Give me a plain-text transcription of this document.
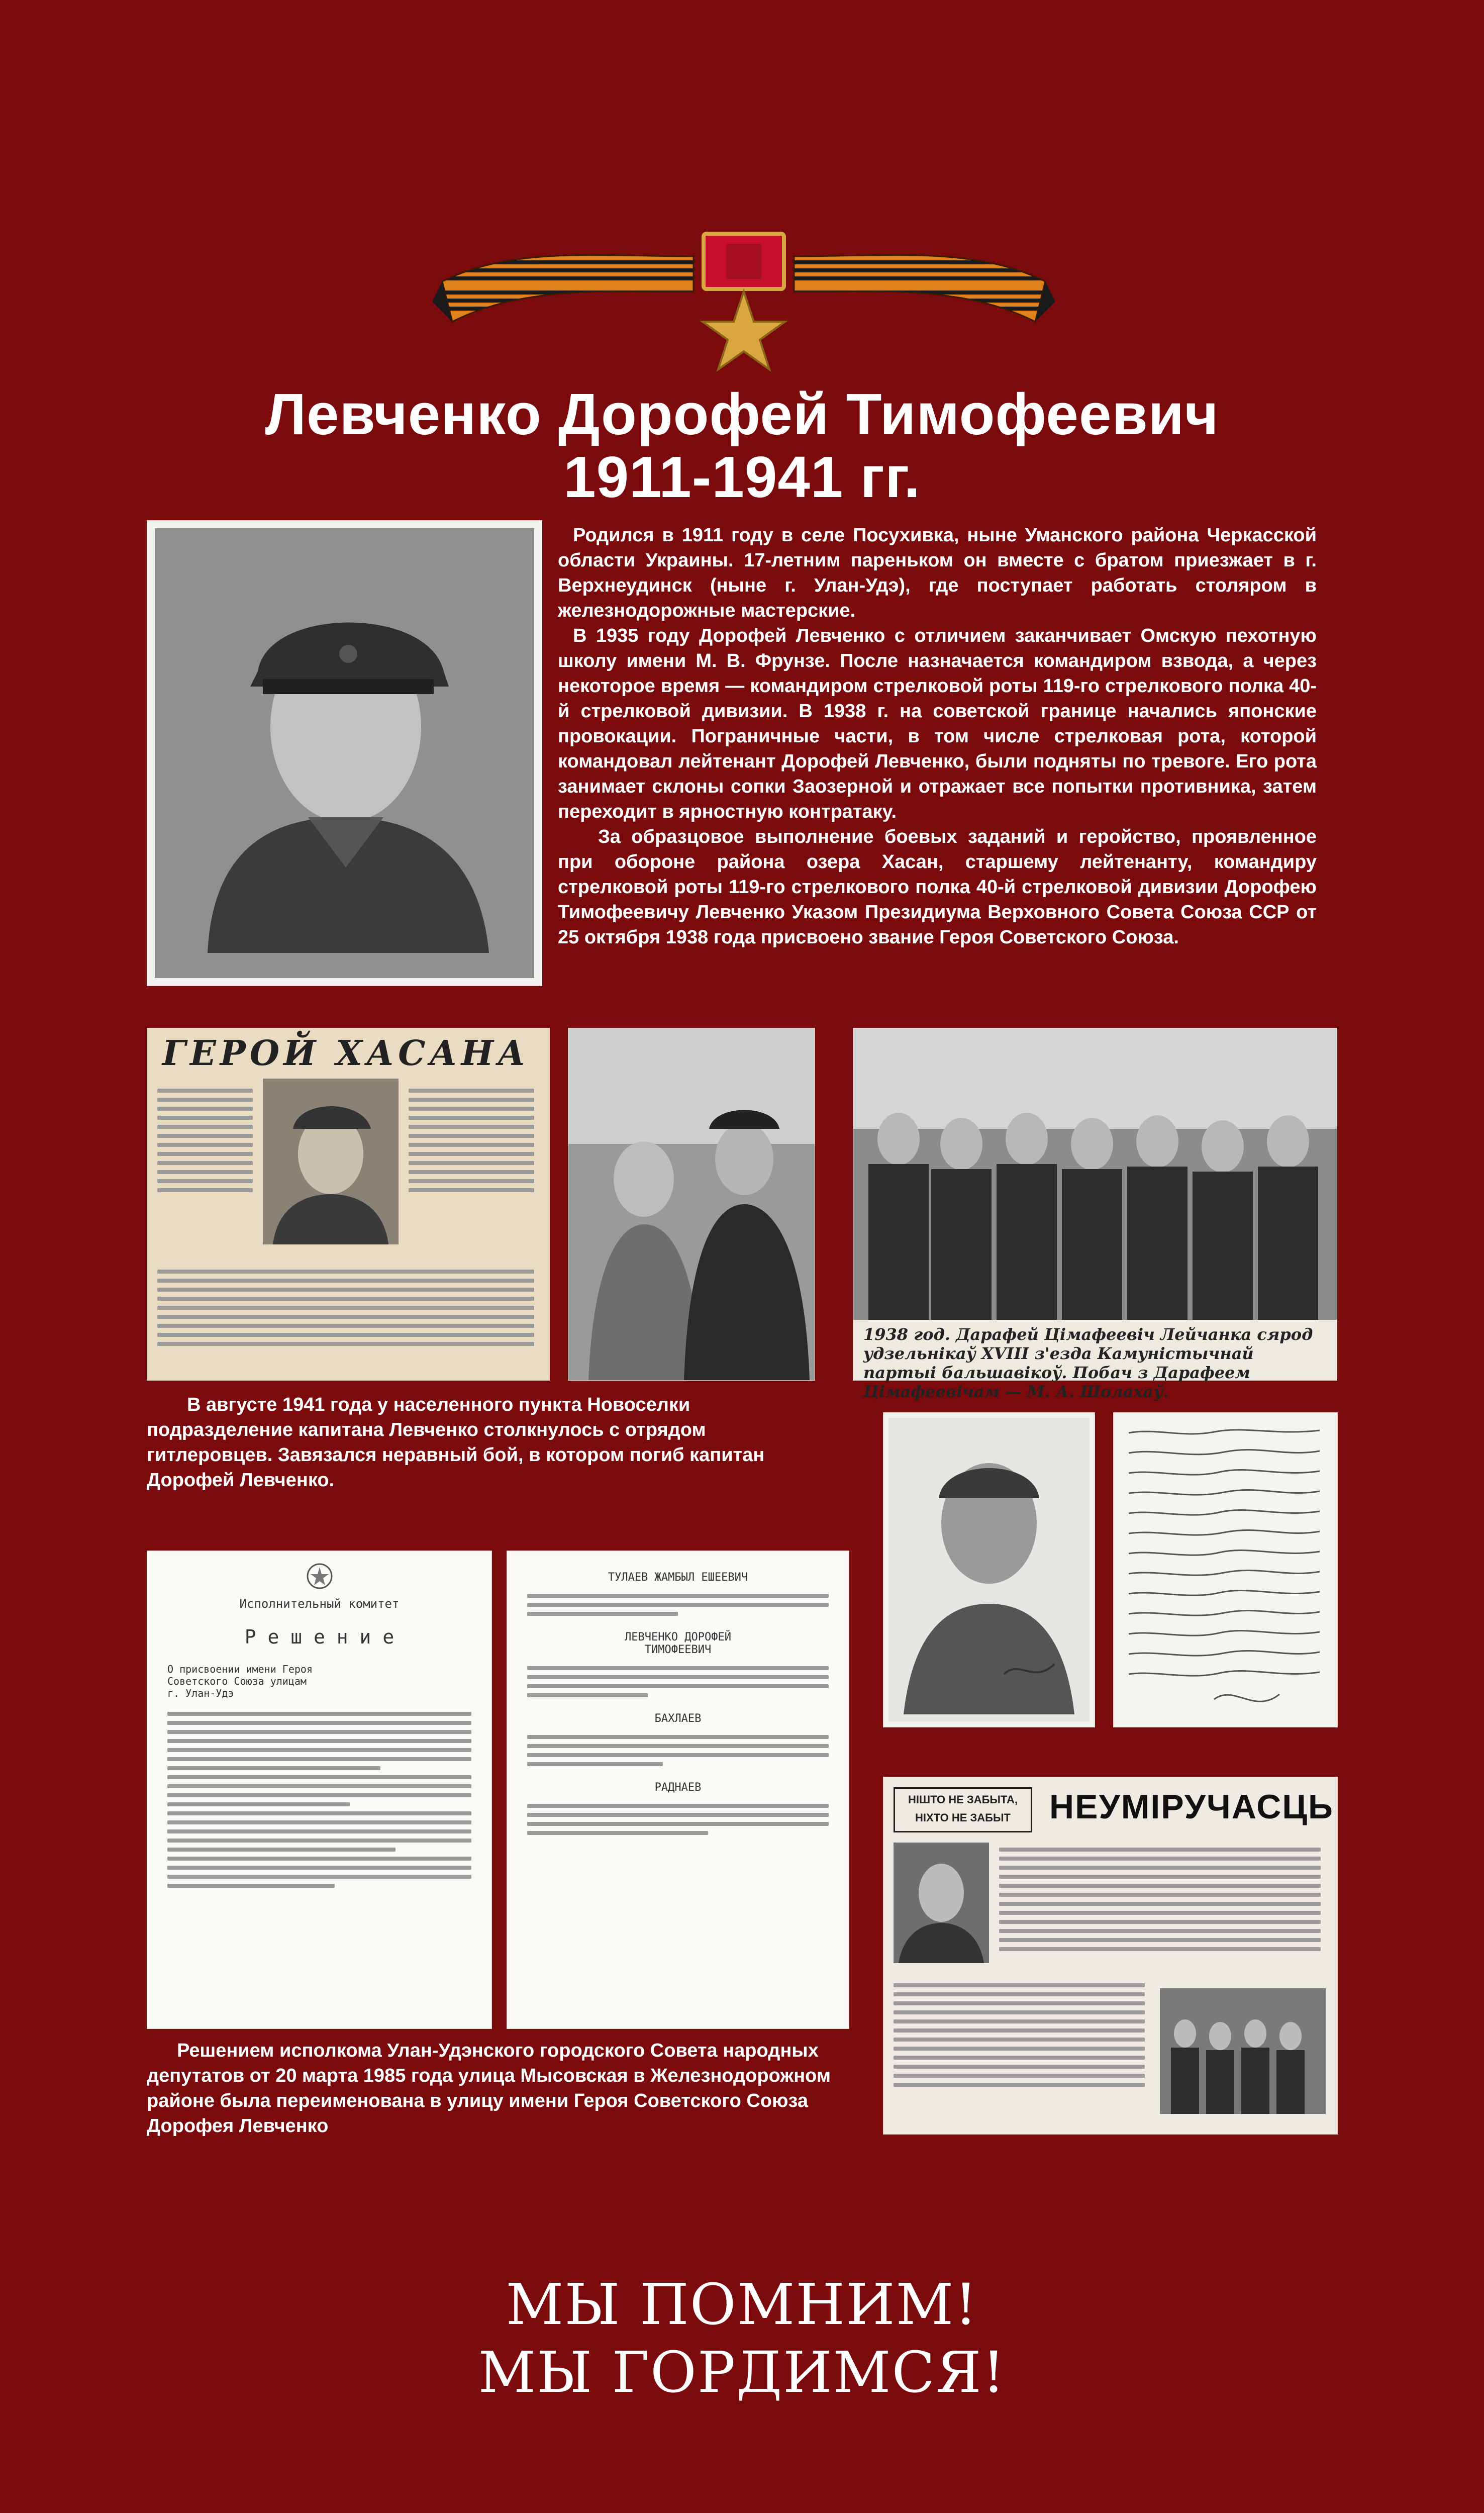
Левченко Дорофей Тимофеевич
1911-1941 гг.
Родился в 1911 году в селе Посухивка, ныне Уманского района Черкасской области Украины. 17-летним пареньком он вместе с братом приезжает в г. Верхнеудинск (ныне г. Улан-Удэ), где поступает работать столяром в железнодорожные мастерские.
В 1935 году Дорофей Левченко с отличием заканчивает Омскую пехотную школу имени М. В. Фрунзе. После назначается командиром взвода, а через некоторое время — командиром стрелковой роты 119-го стрелкового полка 40-й стрелковой дивизии. В 1938 г. на советской границе начались японские провокации. Пограничные части, в том числе стрелковая рота, которой командовал лейтенант Дорофей Левченко, были подняты по тревоге. Его рота занимает склоны сопки Заозерной и отражает все попытки противника, затем переходит в ярностную контратаку.
За образцовое выполнение боевых заданий и геройство, проявленное при обороне района озера Хасан, старшему лейтенанту, командиру стрелковой роты 119-го стрелкового полка 40-й стрелковой дивизии Дорофею Тимофеевичу Левченко Указом Президиума Верховного Совета Союза ССР от 25 октября 1938 года присвоено звание Героя Советского Союза.
ГЕРОЙ ХАСАНА
1938 год. Дарафей Цімафеевіч Лейчанка сярод удзельнікаў XVIII з'езда Камуністычнай партыі бальшавікоў. Побач з Дарафеем Цімафеевічам — М. А. Шолахаў.
В августе 1941 года у населенного пункта Новоселки подразделение капитана Левченко столкнулось с отрядом гитлеровцев. Завязался неравный бой, в котором погиб капитан Дорофей Левченко.
Исполнительный комитет
Р е ш е н и е
О присвоении имени Героя Советского Союза улицам г. Улан-Удэ
ТУЛАЕВ ЖАМБЫЛ ЕШЕЕВИЧ
ЛЕВЧЕНКО ДОРОФЕЙ ТИМОФЕЕВИЧ
БАХЛАЕВ
РАДНАЕВ
НІШТО НЕ ЗАБЫТА, НІХТО НЕ ЗАБЫТ	НЕУМІРУЧАСЦЬ
Решением исполкома Улан-Удэнского городского Совета народных депутатов от 20 марта 1985 года улица Мысовская в Железнодорожном районе была переименована в улицу имени Героя Советского Союза Дорофея Левченко
МЫ ПОМНИМ!
МЫ ГОРДИМСЯ!
